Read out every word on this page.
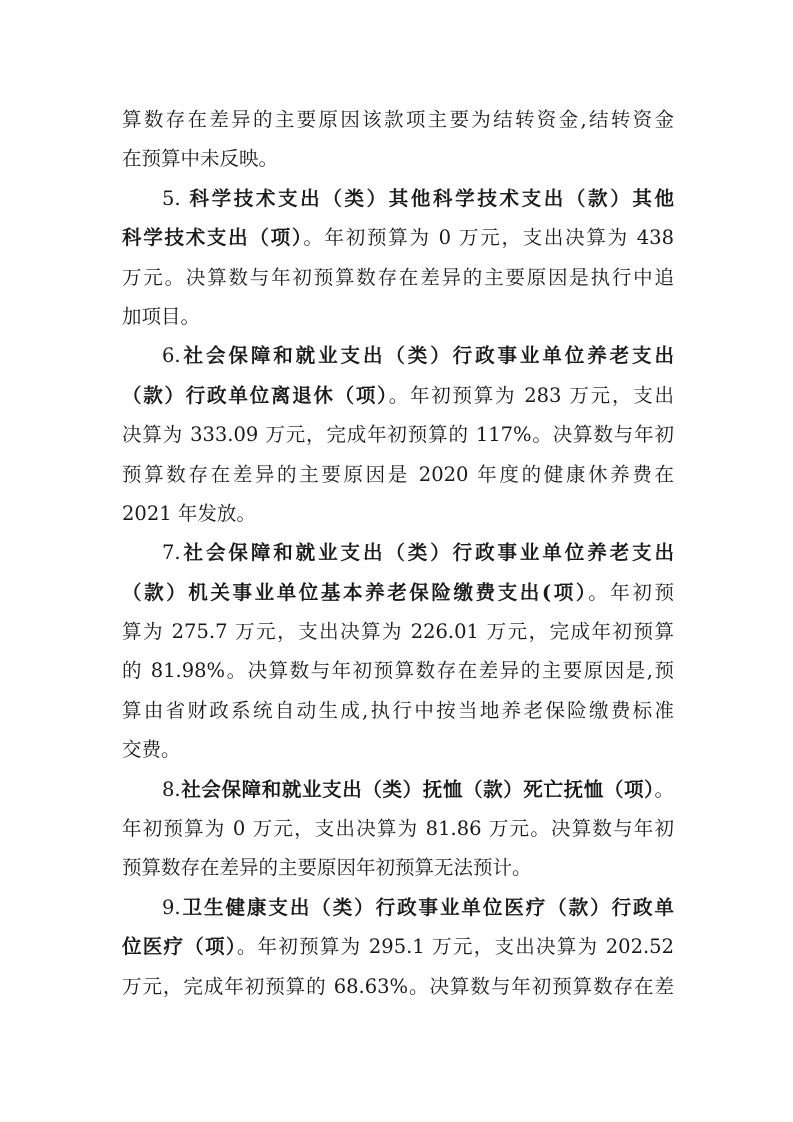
算数存在差异的主要原因该款项主要为结转资金,结转资金
在预算中未反映。
5. 科学技术支出（类）其他科学技术支出（款）其他
科学技术支出（项）。年初预算为 0 万元，支出决算为 438
万元。决算数与年初预算数存在差异的主要原因是执行中追
加项目。
6.社会保障和就业支出（类）行政事业单位养老支出
（款）行政单位离退休（项）。年初预算为 283 万元，支出
决算为 333.09 万元，完成年初预算的 117%。决算数与年初
预算数存在差异的主要原因是 2020 年度的健康休养费在
2021 年发放。
7.社会保障和就业支出（类）行政事业单位养老支出
（款）机关事业单位基本养老保险缴费支出(项）。年初预
算为 275.7 万元，支出决算为 226.01 万元，完成年初预算
的 81.98%。决算数与年初预算数存在差异的主要原因是,预
算由省财政系统自动生成,执行中按当地养老保险缴费标准
交费。
8.社会保障和就业支出（类）抚恤（款）死亡抚恤（项）。
年初预算为 0 万元，支出决算为 81.86 万元。决算数与年初
预算数存在差异的主要原因年初预算无法预计。
9.卫生健康支出（类）行政事业单位医疗（款）行政单
位医疗（项）。年初预算为 295.1 万元，支出决算为 202.52
万元，完成年初预算的 68.63%。决算数与年初预算数存在差
